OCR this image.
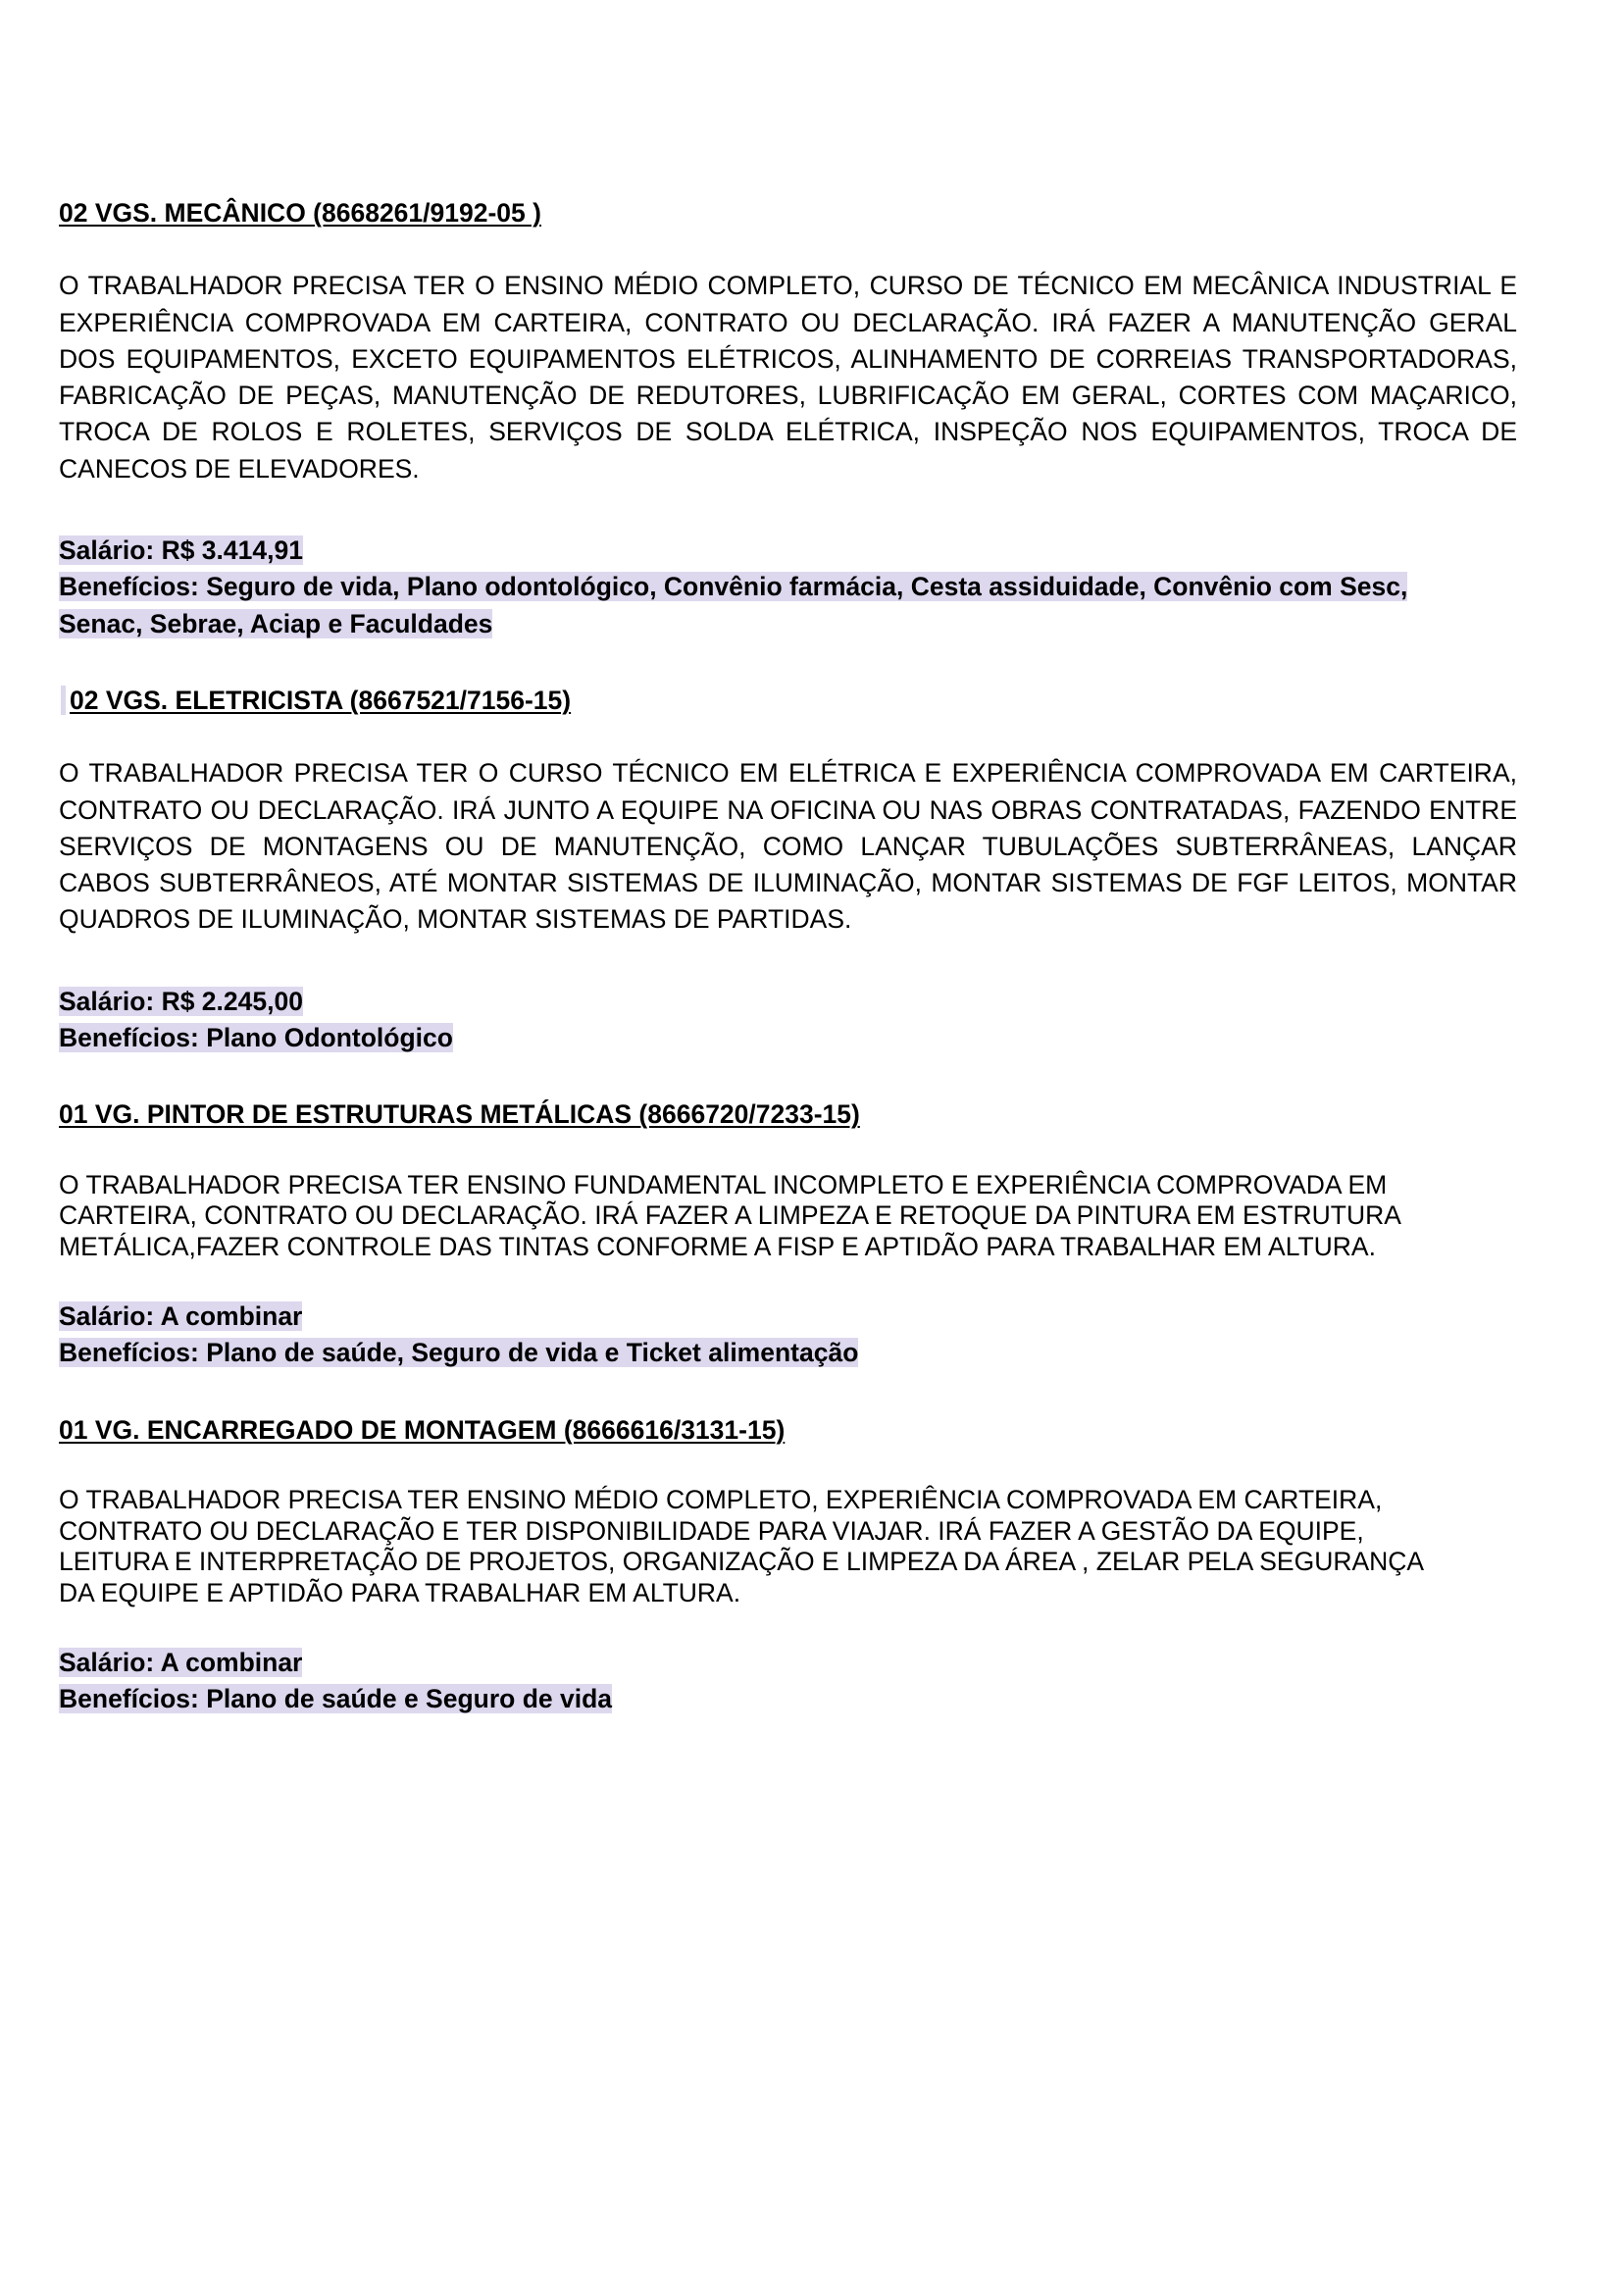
02 VGS. MECÂNICO (8668261/9192-05 )
O TRABALHADOR PRECISA TER O ENSINO MÉDIO COMPLETO, CURSO DE TÉCNICO EM MECÂNICA INDUSTRIAL E EXPERIÊNCIA COMPROVADA EM CARTEIRA, CONTRATO OU DECLARAÇÃO. IRÁ FAZER A MANUTENÇÃO GERAL DOS EQUIPAMENTOS, EXCETO EQUIPAMENTOS ELÉTRICOS, ALINHAMENTO DE CORREIAS TRANSPORTADORAS, FABRICAÇÃO DE PEÇAS, MANUTENÇÃO DE REDUTORES, LUBRIFICAÇÃO EM GERAL, CORTES COM MAÇARICO, TROCA DE ROLOS E ROLETES, SERVIÇOS DE SOLDA ELÉTRICA, INSPEÇÃO NOS EQUIPAMENTOS, TROCA DE CANECOS DE ELEVADORES.
Salário: R$ 3.414,91
Benefícios: Seguro de vida, Plano odontológico, Convênio farmácia, Cesta assiduidade, Convênio com Sesc,
Senac, Sebrae, Aciap e Faculdades
02 VGS. ELETRICISTA (8667521/7156-15)
O TRABALHADOR PRECISA TER O CURSO TÉCNICO EM ELÉTRICA E EXPERIÊNCIA COMPROVADA EM CARTEIRA, CONTRATO OU DECLARAÇÃO. IRÁ JUNTO A EQUIPE NA OFICINA OU NAS OBRAS CONTRATADAS, FAZENDO ENTRE SERVIÇOS DE MONTAGENS OU DE MANUTENÇÃO, COMO LANÇAR TUBULAÇÕES SUBTERRÂNEAS, LANÇAR CABOS SUBTERRÂNEOS, ATÉ MONTAR SISTEMAS DE ILUMINAÇÃO, MONTAR SISTEMAS DE FGF LEITOS, MONTAR QUADROS DE ILUMINAÇÃO, MONTAR SISTEMAS DE PARTIDAS.
Salário: R$ 2.245,00
Benefícios: Plano Odontológico
01 VG. PINTOR DE ESTRUTURAS METÁLICAS (8666720/7233-15)
O TRABALHADOR PRECISA TER ENSINO FUNDAMENTAL INCOMPLETO E EXPERIÊNCIA COMPROVADA EM
CARTEIRA, CONTRATO OU DECLARAÇÃO. IRÁ FAZER A LIMPEZA E RETOQUE DA PINTURA EM ESTRUTURA
METÁLICA,FAZER CONTROLE DAS TINTAS CONFORME A FISP E APTIDÃO PARA TRABALHAR EM ALTURA.
Salário: A combinar
Benefícios: Plano de saúde, Seguro de vida e Ticket alimentação
01 VG. ENCARREGADO DE MONTAGEM (8666616/3131-15)
O TRABALHADOR PRECISA TER ENSINO MÉDIO COMPLETO, EXPERIÊNCIA COMPROVADA EM CARTEIRA,
CONTRATO OU DECLARAÇÃO E TER DISPONIBILIDADE PARA VIAJAR. IRÁ FAZER A GESTÃO DA EQUIPE,
LEITURA E INTERPRETAÇÃO DE PROJETOS, ORGANIZAÇÃO E LIMPEZA DA ÁREA , ZELAR PELA SEGURANÇA
DA EQUIPE E APTIDÃO PARA TRABALHAR EM ALTURA.
Salário: A combinar
Benefícios: Plano de saúde e Seguro de vida
